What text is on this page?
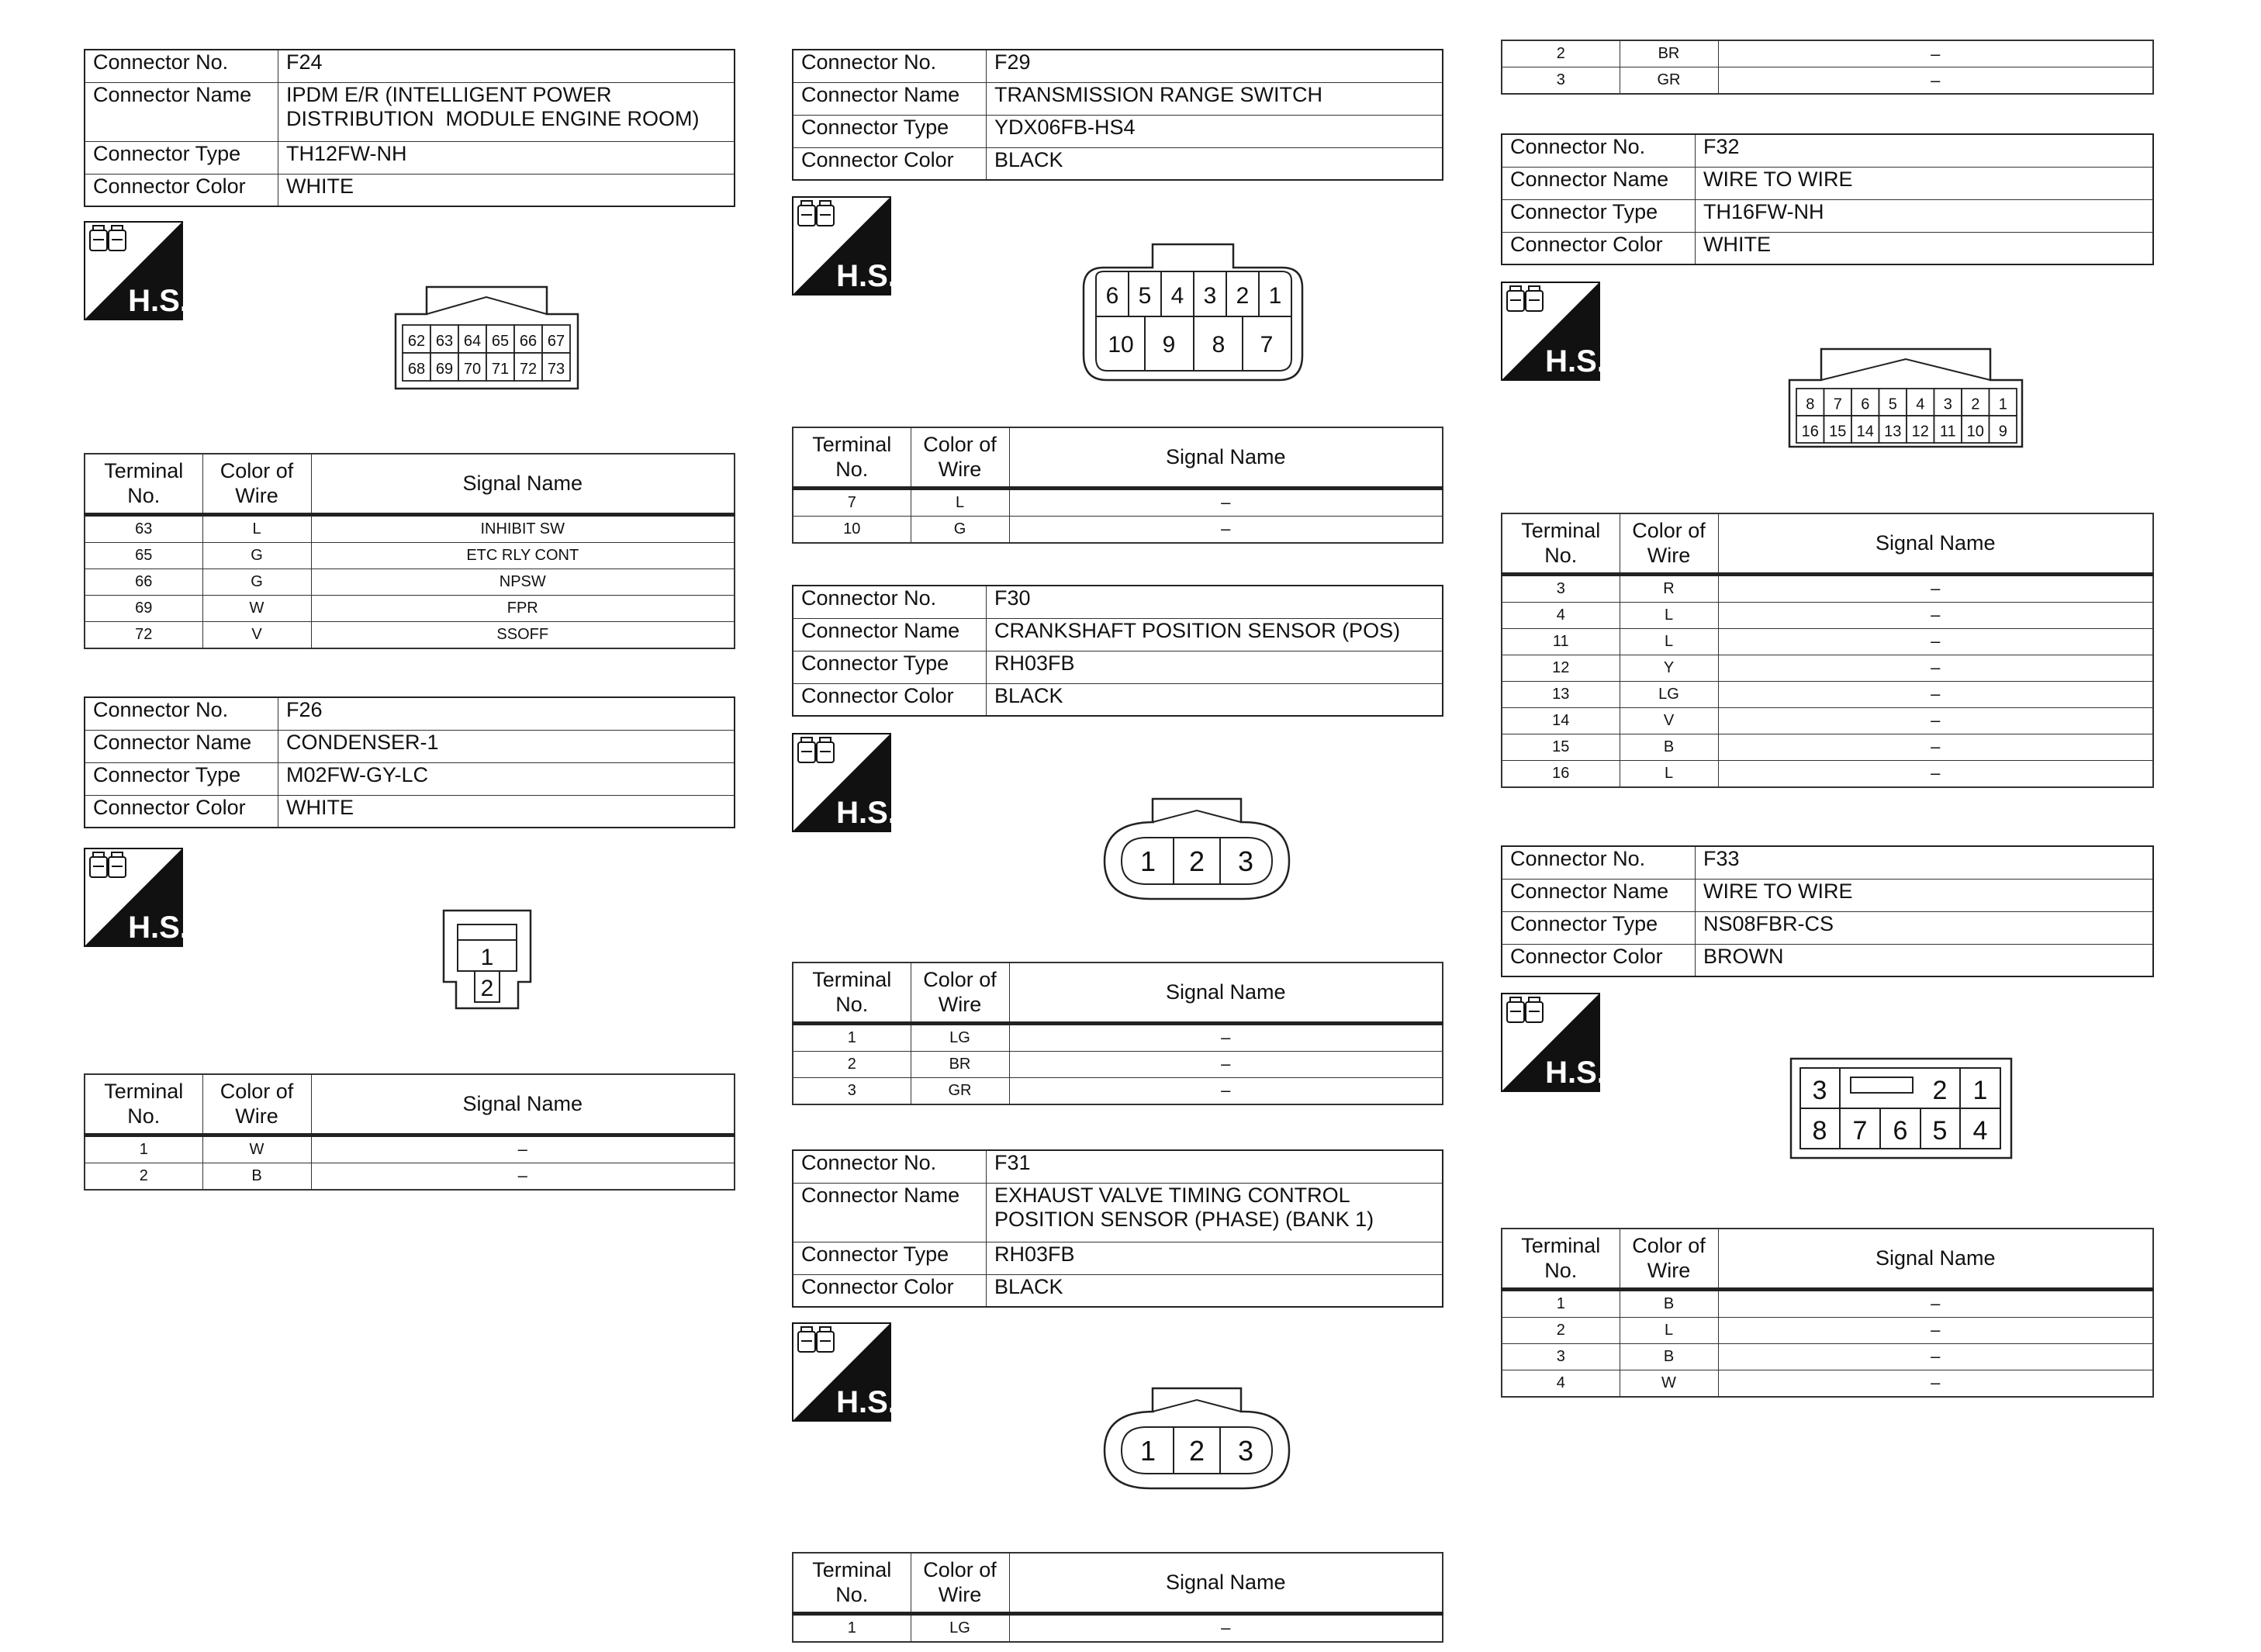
Connector No.	F24
Connector Name	IPDM E/R (INTELLIGENT POWER
DISTRIBUTION  MODULE ENGINE ROOM)
Connector Type	TH12FW-NH
Connector Color	WHITE
H.S.
62 63 64 65 66 67
68 69 70 71 72 73
Terminal
No.	Color of
Wire	Signal Name
63	L	INHIBIT SW
65	G	ETC RLY CONT
66	G	NPSW
69	W	FPR
72	V	SSOFF
Connector No.	F26
Connector Name	CONDENSER-1
Connector Type	M02FW-GY-LC
Connector Color	WHITE
H.S.
1
2
Terminal
No.	Color of
Wire	Signal Name
1	W	–
2	B	–
Connector No.	F29
Connector Name	TRANSMISSION RANGE SWITCH
Connector Type	YDX06FB-HS4
Connector Color	BLACK
H.S.
6 5 4 3 2 1
10 9 8 7
Terminal
No.	Color of
Wire	Signal Name
7	L	–
10	G	–
Connector No.	F30
Connector Name	CRANKSHAFT POSITION SENSOR (POS)
Connector Type	RH03FB
Connector Color	BLACK
H.S.
1 2 3
Terminal
No.	Color of
Wire	Signal Name
1	LG	–
2	BR	–
3	GR	–
Connector No.	F31
Connector Name	EXHAUST VALVE TIMING CONTROL
POSITION SENSOR (PHASE) (BANK 1)
Connector Type	RH03FB
Connector Color	BLACK
H.S.
1 2 3
Terminal
No.	Color of
Wire	Signal Name
1	LG	–
2	BR	–
3	GR	–
Connector No.	F32
Connector Name	WIRE TO WIRE
Connector Type	TH16FW-NH
Connector Color	WHITE
H.S.
8 7 6 5 4 3 2 1
16 15 14 13 12 11 10 9
Terminal
No.	Color of
Wire	Signal Name
3	R	–
4	L	–
11	L	–
12	Y	–
13	LG	–
14	V	–
15	B	–
16	L	–
Connector No.	F33
Connector Name	WIRE TO WIRE
Connector Type	NS08FBR-CS
Connector Color	BROWN
H.S.
3	2 1
8 7 6 5 4
Terminal
No.	Color of
Wire	Signal Name
1	B	–
2	L	–
3	B	–
4	W	–
